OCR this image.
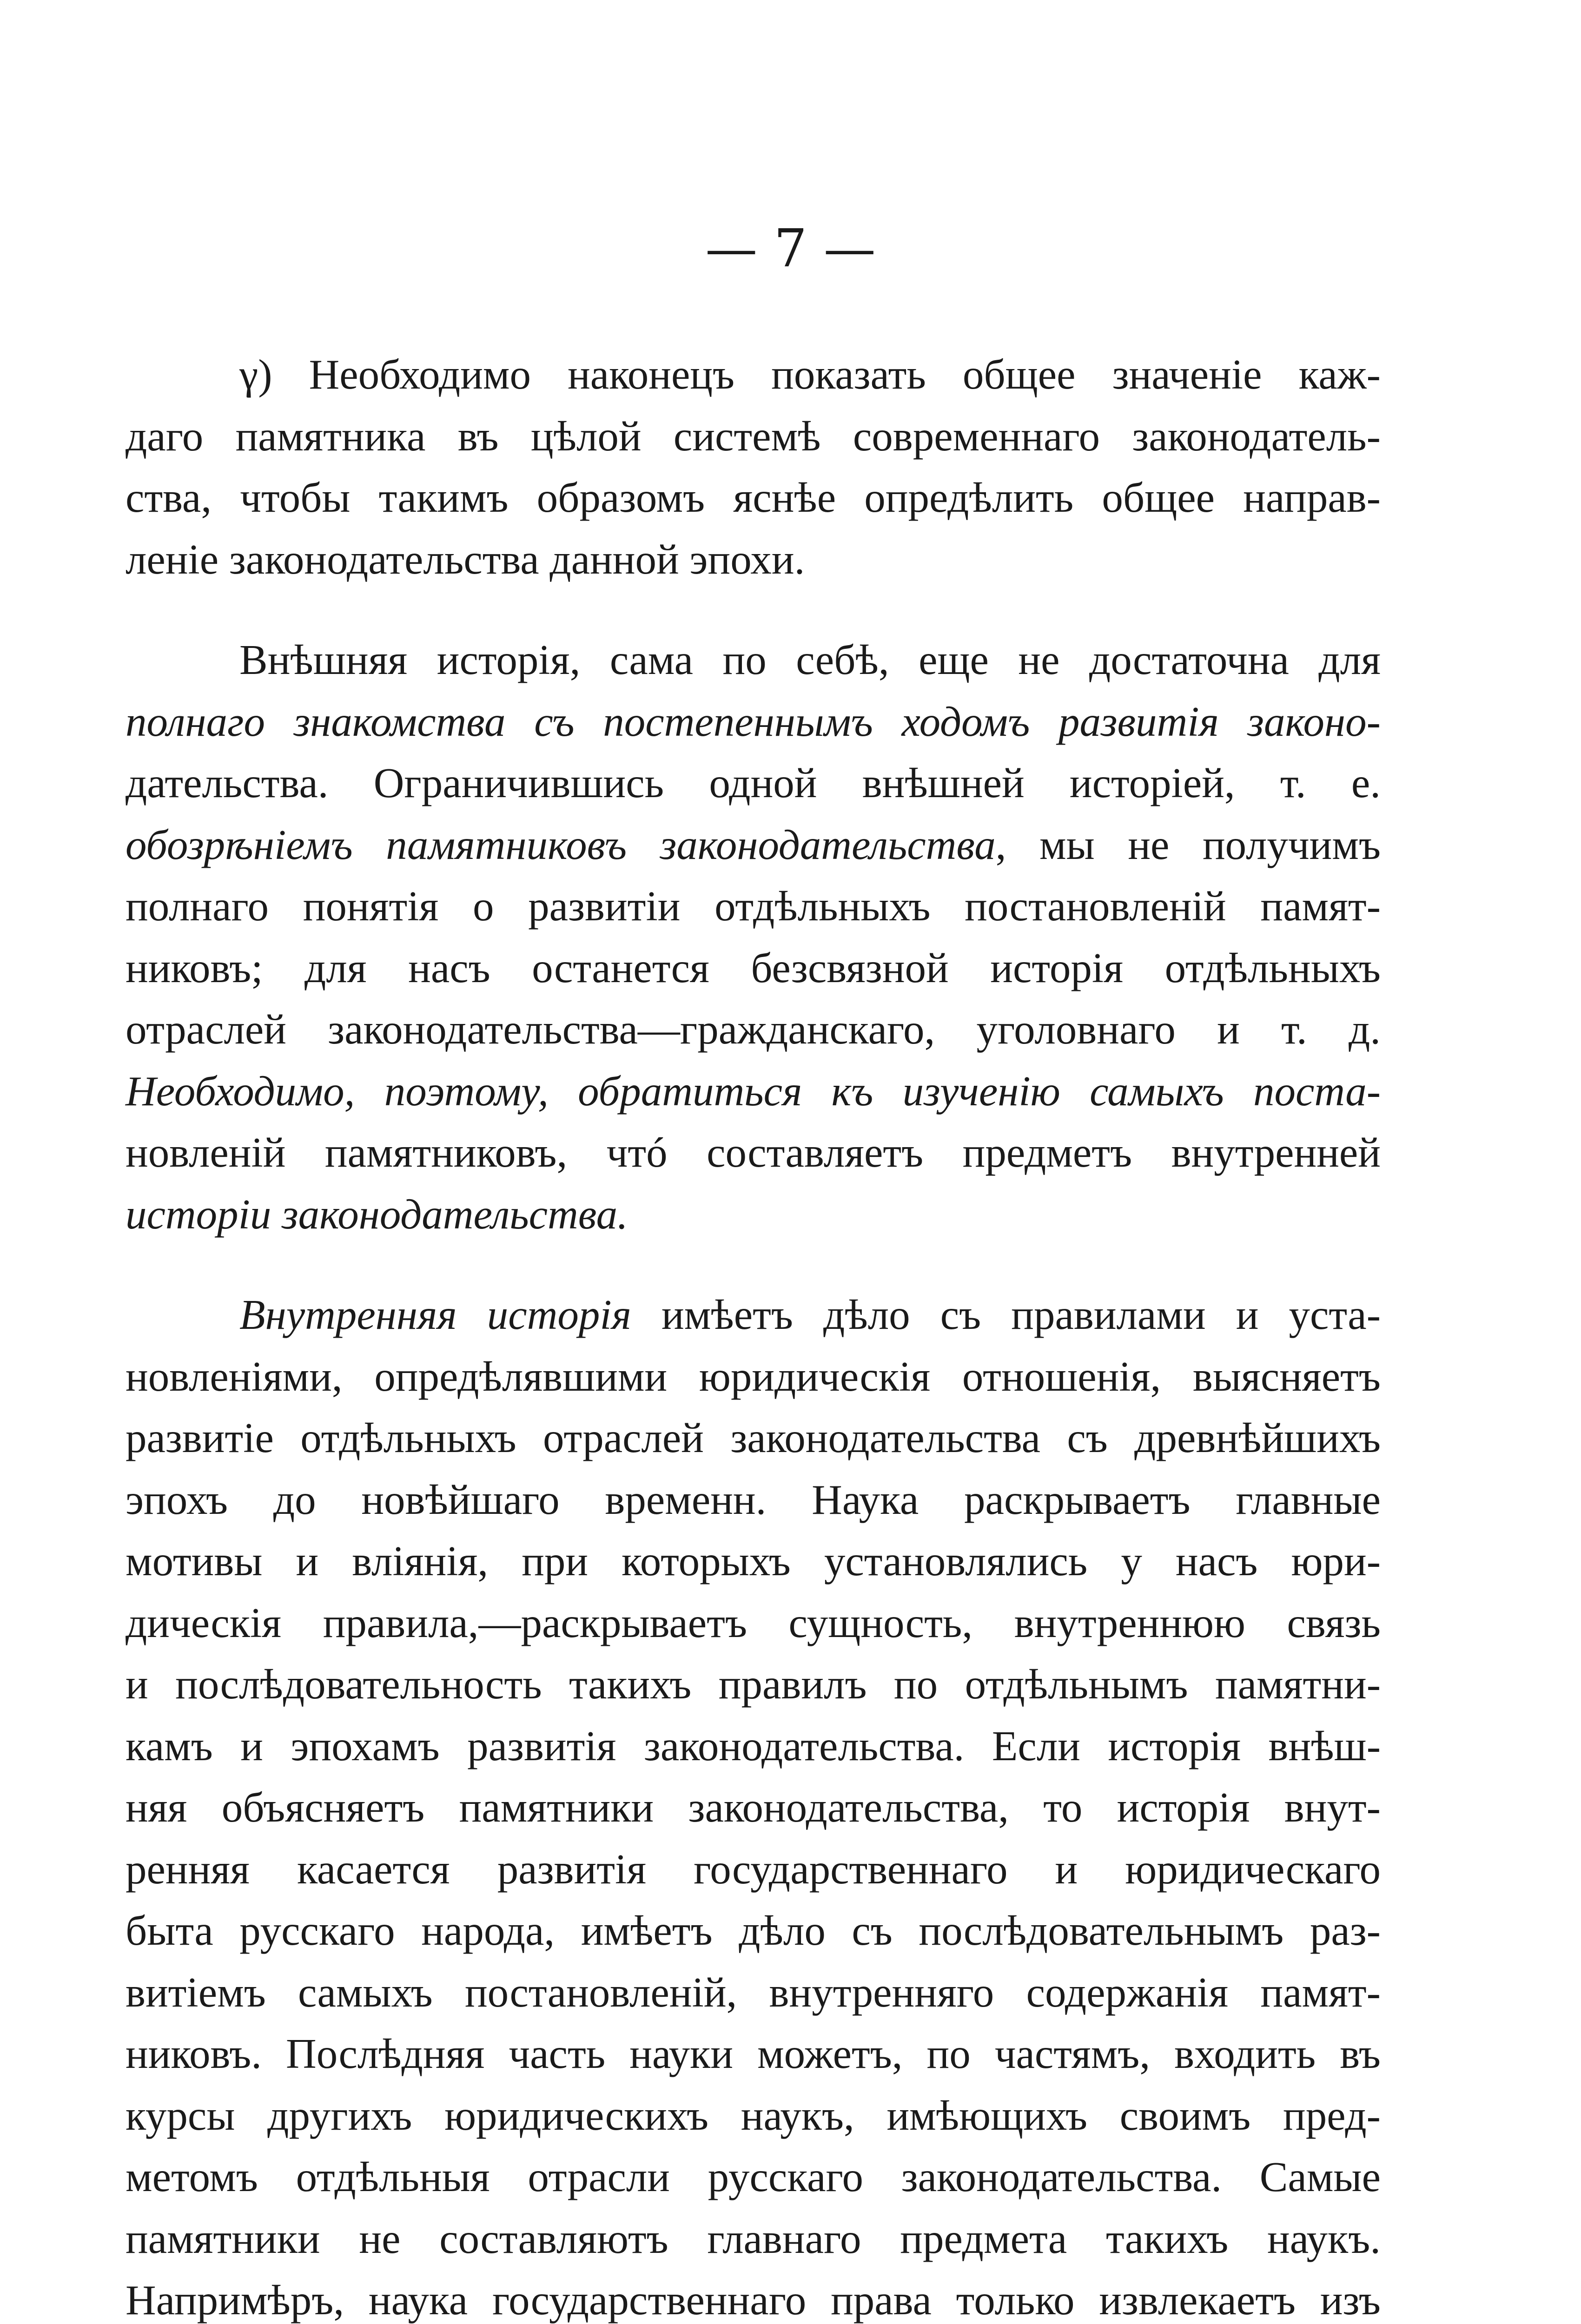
— 7 —
γ) Необходимо наконецъ показать общее значеніе каж-
даго памятника въ цѣлой системѣ современнаго законодатель-
ства, чтобы такимъ образомъ яснѣе опредѣлить общее направ-
леніе законодательства данной эпохи.
Внѣшняя исторія, сама по себѣ, еще не достаточна для
полнаго знакомства съ постепеннымъ ходомъ развитія законо-
дательства. Ограничившись одной внѣшней исторіей, т. е.
обозрѣніемъ памятниковъ законодательства, мы не получимъ
полнаго понятія о развитіи отдѣльныхъ постановленій памят-
никовъ; для насъ останется безсвязной исторія отдѣльныхъ
отраслей законодательства—гражданскаго, уголовнаго и т. д.
Необходимо, поэтому, обратиться къ изученію самыхъ поста-
новленій памятниковъ, чтó составляетъ предметъ внутренней
исторіи законодательства.
Внутренняя исторія имѣетъ дѣло съ правилами и уста-
новленіями, опредѣлявшими юридическія отношенія, выясняетъ
развитіе отдѣльныхъ отраслей законодательства съ древнѣйшихъ
эпохъ до новѣйшаго временн. Наука раскрываетъ главные
мотивы и вліянія, при которыхъ установлялись у насъ юри-
дическія правила,—раскрываетъ сущность, внутреннюю связь
и послѣдовательность такихъ правилъ по отдѣльнымъ памятни-
камъ и эпохамъ развитія законодательства. Если исторія внѣш-
няя объясняетъ памятники законодательства, то исторія внут-
ренняя касается развитія государственнаго и юридическаго
быта русскаго народа, имѣетъ дѣло съ послѣдовательнымъ раз-
витіемъ самыхъ постановленій, внутренняго содержанія памят-
никовъ. Послѣдняя часть науки можетъ, по частямъ, входить въ
курсы другихъ юридическихъ наукъ, имѣющихъ своимъ пред-
метомъ отдѣльныя отрасли русскаго законодательства. Самые
памятники не составляютъ главнаго предмета такихъ наукъ.
Напримѣръ, наука государственнаго права только извлекаетъ изъ
